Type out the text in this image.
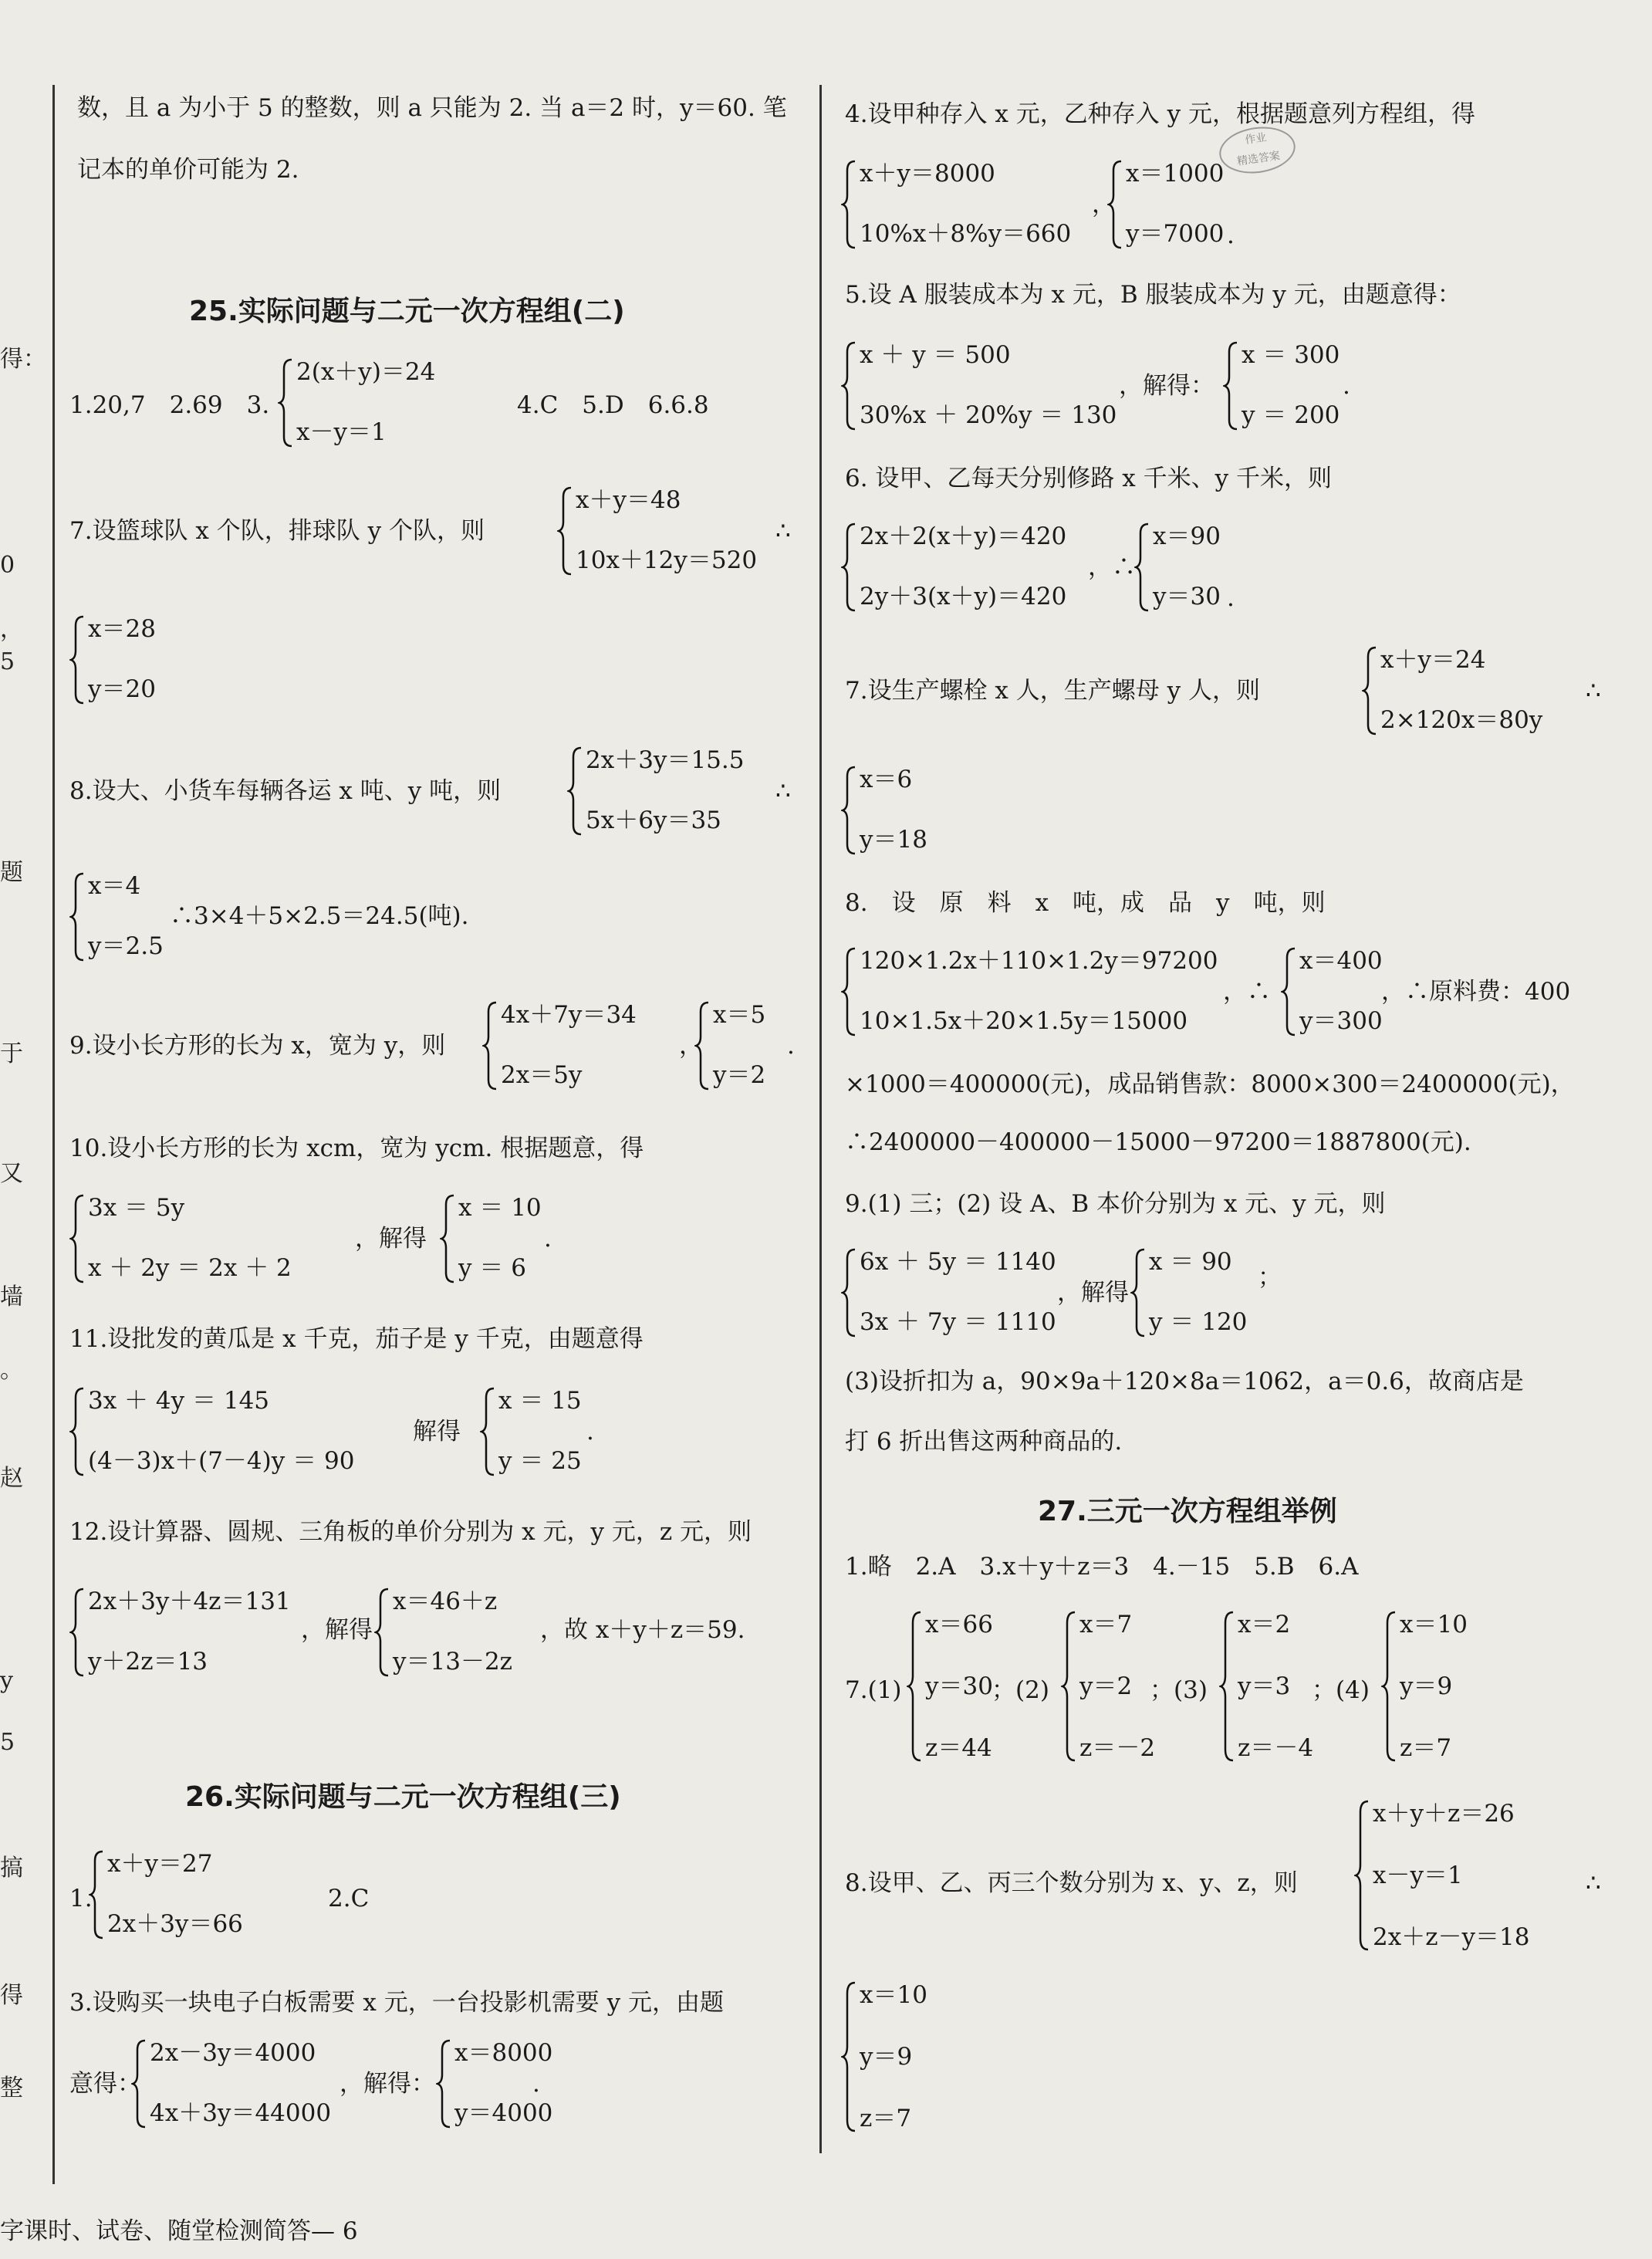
得：
0
，
5
题
于
又
墙
。
赵
y
5
搞
得
整
数，且 a 为小于 5 的整数，则 a 只能为 2. 当 a＝2 时，y＝60. 笔
记本的单价可能为 2.
25.实际问题与二元一次方程组(二)
1.20,7　2.69　3.
2(x＋y)＝24
x－y＝1
4.C　5.D　6.6.8
7.设篮球队 x 个队，排球队 y 个队，则
x＋y＝48
10x＋12y＝520
∴
x＝28
y＝20
8.设大、小货车每辆各运 x 吨、y 吨，则
2x＋3y＝15.5
5x＋6y＝35
∴
x＝4
y＝2.5
∴3×4＋5×2.5＝24.5(吨).
9.设小长方形的长为 x，宽为 y，则
4x＋7y＝34
2x＝5y
，
x＝5
y＝2
.
10.设小长方形的长为 xcm，宽为 ycm. 根据题意，得
3x ＝ 5y
x ＋ 2y ＝ 2x ＋ 2
，解得
x ＝ 10
y ＝ 6
.
11.设批发的黄瓜是 x 千克，茄子是 y 千克，由题意得
3x ＋ 4y ＝ 145
(4－3)x＋(7－4)y ＝ 90
解得
x ＝ 15
y ＝ 25
.
12.设计算器、圆规、三角板的单价分别为 x 元，y 元，z 元，则
2x＋3y＋4z＝131
y＋2z＝13
，解得
x＝46＋z
y＝13－2z
，故 x＋y＋z＝59.
26.实际问题与二元一次方程组(三)
1.
x＋y＝27
2x＋3y＝66
2.C
3.设购买一块电子白板需要 x 元，一台投影机需要 y 元，由题
意得：
2x－3y＝4000
4x＋3y＝44000
，解得：
x＝8000
y＝4000
.
4.设甲种存入 x 元，乙种存入 y 元，根据题意列方程组，得
x＋y＝8000
10%x＋8%y＝660
，
x＝1000
y＝7000 .
5.设 A 服装成本为 x 元，B 服装成本为 y 元，由题意得：
x ＋ y ＝ 500
30%x ＋ 20%y ＝ 130
，解得：
x ＝ 300
y ＝ 200
.
6. 设甲、乙每天分别修路 x 千米、y 千米，则
2x＋2(x＋y)＝420
2y＋3(x＋y)＝420
，∴
x＝90
y＝30 .
7.设生产螺栓 x 人，生产螺母 y 人，则
x＋y＝24
2×120x＝80y
∴
x＝6
y＝18
8.　设　原　料　x　吨，成　品　y　吨，则
120×1.2x＋110×1.2y＝97200
10×1.5x＋20×1.5y＝15000
，∴
x＝400
y＝300
，∴原料费：400
×1000＝400000(元)，成品销售款：8000×300＝2400000(元)，
∴2400000－400000－15000－97200＝1887800(元).
9.(1) 三；(2) 设 A、B 本价分别为 x 元、y 元，则
6x ＋ 5y ＝ 1140
3x ＋ 7y ＝ 1110
，解得
x ＝ 90
y ＝ 120
；
(3)设折扣为 a，90×9a＋120×8a＝1062，a＝0.6，故商店是
打 6 折出售这两种商品的.
27.三元一次方程组举例
1.略　2.A　3.x＋y＋z＝3　4.－15　5.B　6.A
7.(1)
x＝66
y＝30
z＝44
；(2)
x＝7
y＝2
z＝－2
；(3)
x＝2
y＝3
z＝－4
；(4)
x＝10
y＝9
z＝7
8.设甲、乙、丙三个数分别为 x、y、z，则
x＋y＋z＝26
x－y＝1
2x＋z－y＝18
∴
x＝10
y＝9
z＝7
作业
精选答案
字课时、试卷、随堂检测简答— 6
